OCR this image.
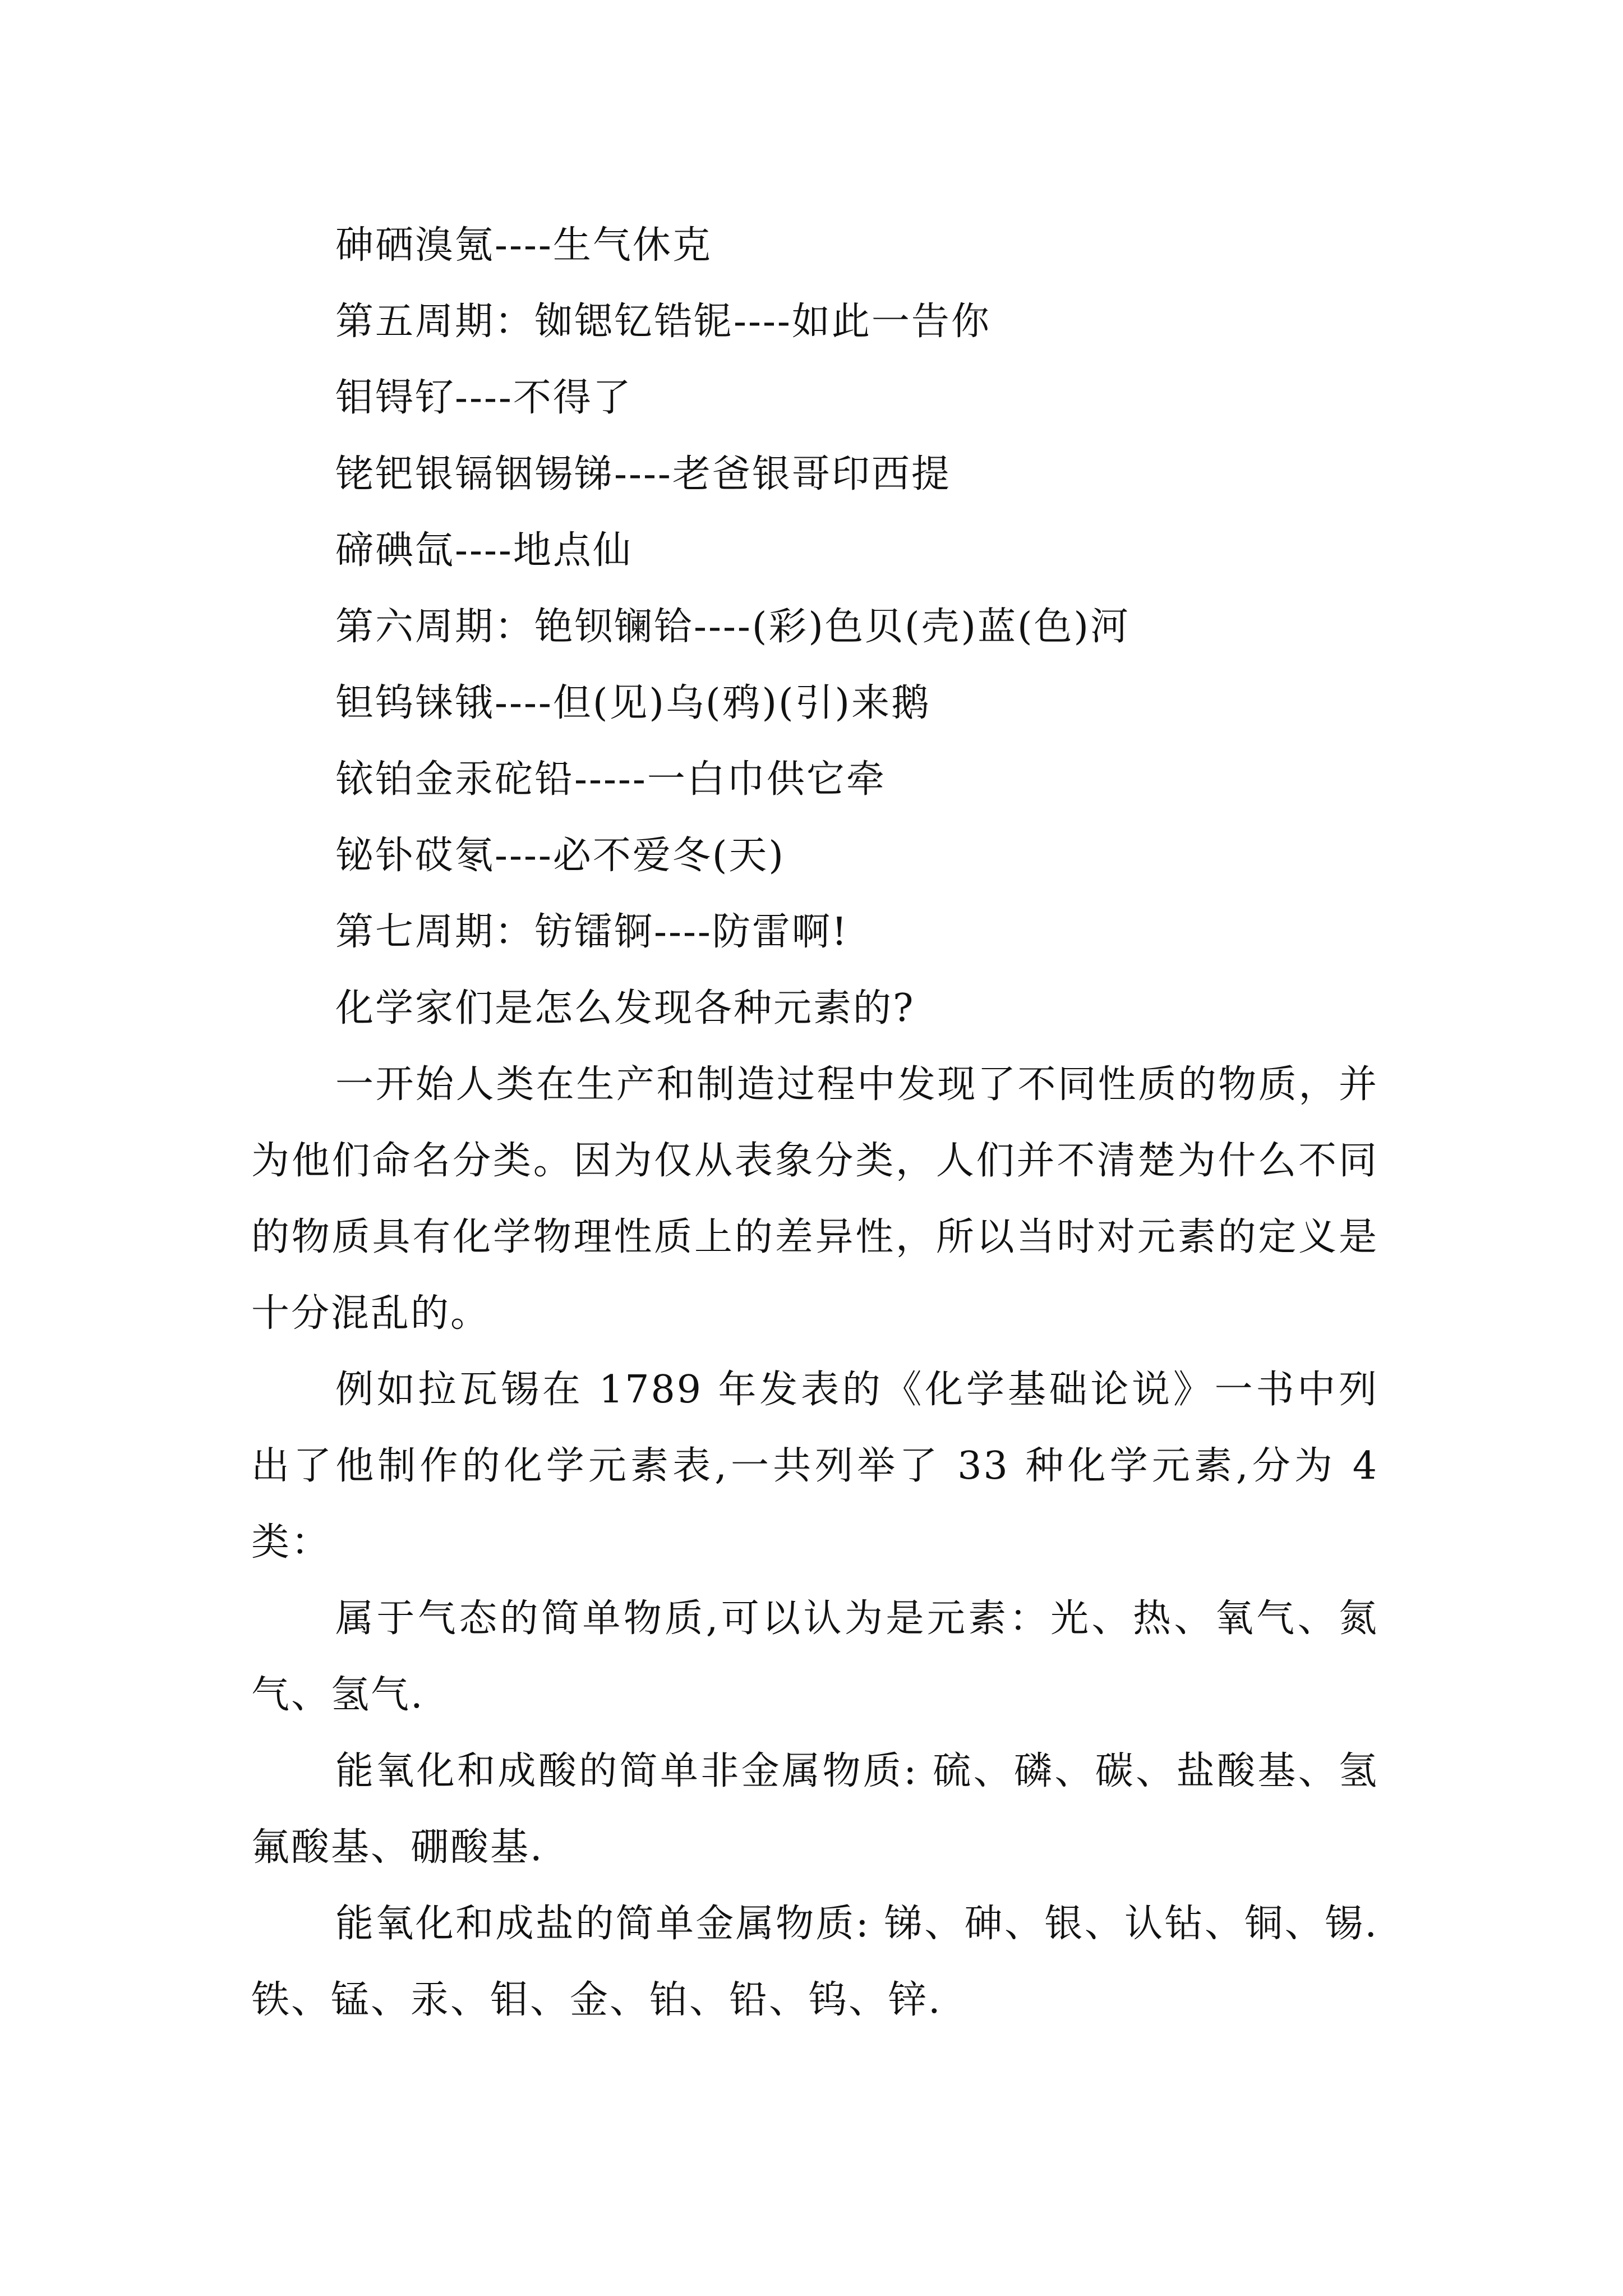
砷硒溴氪----生气休克

第五周期：铷锶钇锆铌----如此一告你

钼锝钌----不得了

铑钯银镉铟锡锑----老爸银哥印西提

碲碘氙----地点仙

第六周期：铯钡镧铪----(彩)色贝(壳)蓝(色)河

钽钨铼锇----但(见)乌(鸦)(引)来鹅

铱铂金汞砣铅-----一白巾供它牵

铋钋砹氡----必不爱冬(天)

第七周期：钫镭锕----防雷啊!

化学家们是怎么发现各种元素的?

一开始人类在生产和制造过程中发现了不同性质的物质，并为他们命名分类。因为仅从表象分类，人们并不清楚为什么不同的物质具有化学物理性质上的差异性，所以当时对元素的定义是十分混乱的。

例如拉瓦锡在 1789 年发表的《化学基础论说》一书中列出了他制作的化学元素表,一共列举了 33 种化学元素,分为 4 类：

属于气态的简单物质,可以认为是元素：光、热、氧气、氮气、氢气.

能氧化和成酸的简单非金属物质: 硫、磷、碳、盐酸基、氢氟酸基、硼酸基.

能氧化和成盐的简单金属物质: 锑、砷、银、认钻、铜、锡.铁、锰、汞、钼、金、铂、铅、钨、锌.
